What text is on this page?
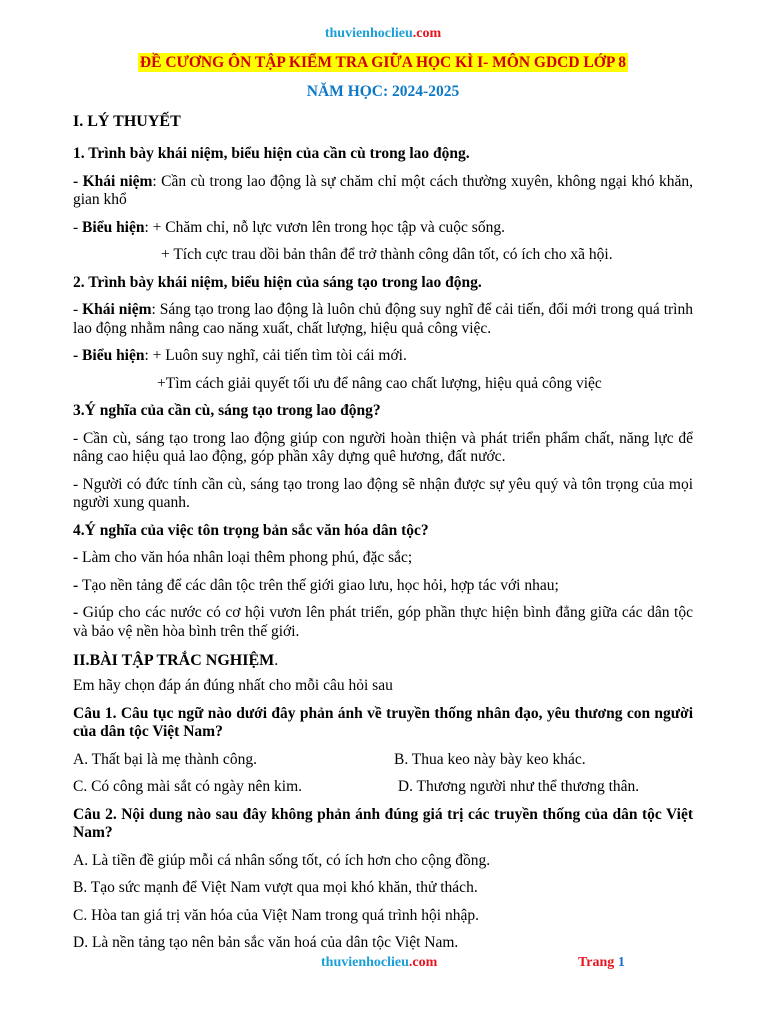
thuvienhoclieu.com
ĐỀ CƯƠNG ÔN TẬP KIỂM TRA GIỮA HỌC KÌ I- MÔN GDCD LỚP 8
NĂM HỌC: 2024-2025
I. LÝ THUYẾT
1. Trình bày khái niệm, biểu hiện của cần cù trong lao động.
- Khái niệm: Cần cù trong lao động là sự chăm chỉ một cách thường xuyên, không ngại khó khăn, gian khổ
- Biểu hiện: + Chăm chỉ, nỗ lực vươn lên trong học tập và cuộc sống.
+ Tích cực trau dồi bản thân để trở thành công dân tốt, có ích cho xã hội.
2. Trình bày khái niệm, biểu hiện của sáng tạo trong lao động.
- Khái niệm: Sáng tạo trong lao động là luôn chủ động suy nghĩ để cải tiến, đổi mới trong quá trình lao động nhằm nâng cao năng xuất, chất lượng, hiệu quả công việc.
- Biểu hiện: + Luôn suy nghĩ, cải tiến tìm tòi cái mới.
+Tìm cách giải quyết tối ưu để nâng cao chất lượng, hiệu quả công việc
3.Ý nghĩa của cần cù, sáng tạo trong lao động?
- Cần cù, sáng tạo trong lao động giúp con người hoàn thiện và phát triển phẩm chất, năng lực để nâng cao hiệu quả lao động, góp phần xây dựng quê hương, đất nước.
- Người có đức tính cần cù, sáng tạo trong lao động sẽ nhận được sự yêu quý và tôn trọng của mọi người xung quanh.
4.Ý nghĩa của việc tôn trọng bản sắc văn hóa dân tộc?
- Làm cho văn hóa nhân loại thêm phong phú, đặc sắc;
- Tạo nền tảng để các dân tộc trên thế giới giao lưu, học hỏi, hợp tác với nhau;
- Giúp cho các nước có cơ hội vươn lên phát triển, góp phần thực hiện bình đẳng giữa các dân tộc và bảo vệ nền hòa bình trên thế giới.
II.BÀI TẬP TRẮC NGHIỆM.
Em hãy chọn đáp án đúng nhất cho mỗi câu hỏi sau
Câu 1. Câu tục ngữ nào dưới đây phản ánh về truyền thống nhân đạo, yêu thương con người của dân tộc Việt Nam?
A. Thất bại là mẹ thành công.	B. Thua keo này bày keo khác.
C. Có công mài sắt có ngày nên kim.	D. Thương người như thể thương thân.
Câu 2. Nội dung nào sau đây không phản ánh đúng giá trị các truyền thống của dân tộc Việt Nam?
A. Là tiền đề giúp mỗi cá nhân sống tốt, có ích hơn cho cộng đồng.
B. Tạo sức mạnh để Việt Nam vượt qua mọi khó khăn, thử thách.
C. Hòa tan giá trị văn hóa của Việt Nam trong quá trình hội nhập.
D. Là nền tảng tạo nên bản sắc văn hoá của dân tộc Việt Nam.
thuvienhoclieu.com	Trang 1
